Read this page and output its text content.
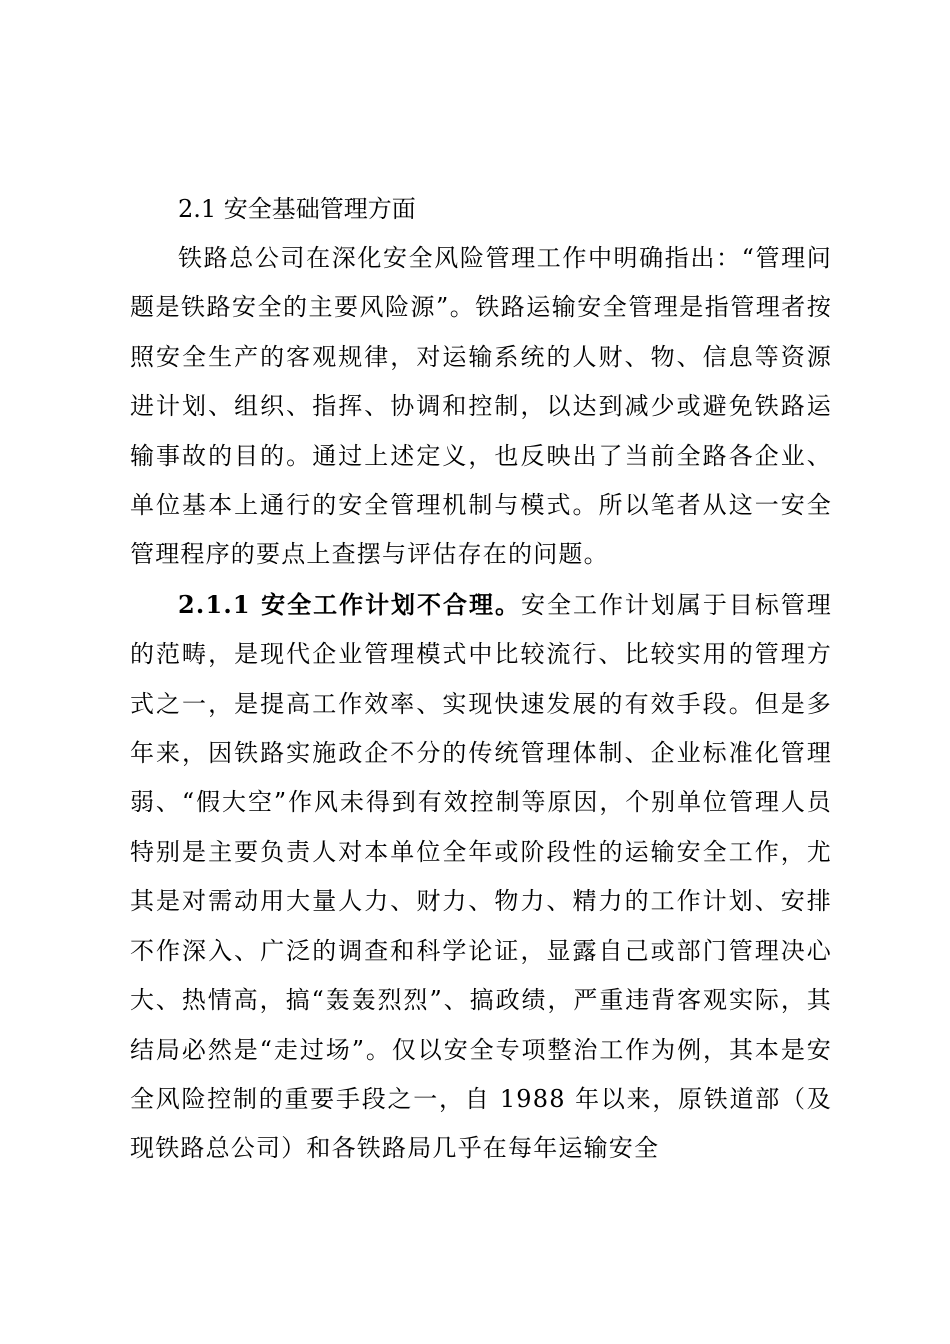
2.1 安全基础管理方面

铁路总公司在深化安全风险管理工作中明确指出：“管理问题是铁路安全的主要风险源”。铁路运输安全管理是指管理者按照安全生产的客观规律，对运输系统的人财、物、信息等资源进计划、组织、指挥、协调和控制，以达到减少或避免铁路运输事故的目的。通过上述定义，也反映出了当前全路各企业、单位基本上通行的安全管理机制与模式。所以笔者从这一安全管理程序的要点上查摆与评估存在的问题。

2.1.1 安全工作计划不合理。安全工作计划属于目标管理的范畴，是现代企业管理模式中比较流行、比较实用的管理方式之一，是提高工作效率、实现快速发展的有效手段。但是多年来，因铁路实施政企不分的传统管理体制、企业标准化管理弱、“假大空”作风未得到有效控制等原因，个别单位管理人员特别是主要负责人对本单位全年或阶段性的运输安全工作，尤其是对需动用大量人力、财力、物力、精力的工作计划、安排不作深入、广泛的调查和科学论证，显露自己或部门管理决心大、热情高，搞“轰轰烈烈”、搞政绩，严重违背客观实际，其结局必然是“走过场”。仅以安全专项整治工作为例，其本是安全风险控制的重要手段之一，自 1988 年以来，原铁道部（及现铁路总公司）和各铁路局几乎在每年运输安全
